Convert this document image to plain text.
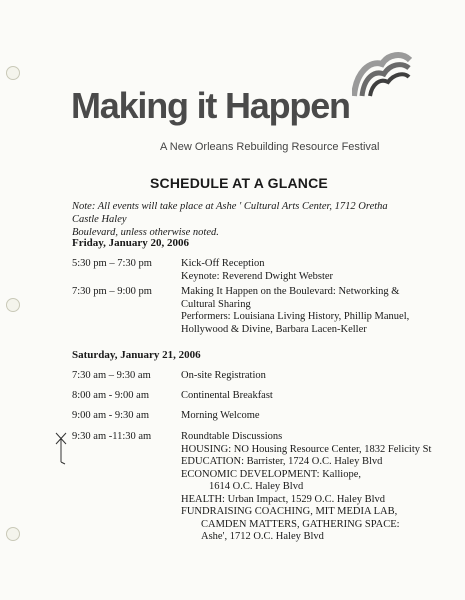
Making it Happen
A New Orleans Rebuilding Resource Festival
SCHEDULE AT A GLANCE
Note: All events will take place at Ashe ' Cultural Arts Center, 1712 Oretha Castle Haley
Boulevard, unless otherwise noted.
Friday, January 20, 2006
5:30 pm – 7:30 pm	Kick-Off Reception
Keynote: Reverend Dwight Webster
7:30 pm – 9:00 pm	Making It Happen on the Boulevard: Networking &
Cultural Sharing
Performers: Louisiana Living History, Phillip Manuel,
Hollywood & Divine, Barbara Lacen-Keller
Saturday, January 21, 2006
7:30 am – 9:30 am	On-site Registration
8:00 am - 9:00 am	Continental Breakfast
9:00 am - 9:30 am	Morning Welcome
9:30 am -11:30 am	Roundtable Discussions
HOUSING: NO Housing Resource Center, 1832 Felicity St
EDUCATION: Barrister, 1724 O.C. Haley Blvd
ECONOMIC DEVELOPMENT: Kalliope,
1614 O.C. Haley Blvd
HEALTH: Urban Impact, 1529 O.C. Haley Blvd
FUNDRAISING COACHING, MIT MEDIA LAB,
CAMDEN MATTERS, GATHERING SPACE:
Ashe', 1712 O.C. Haley Blvd
